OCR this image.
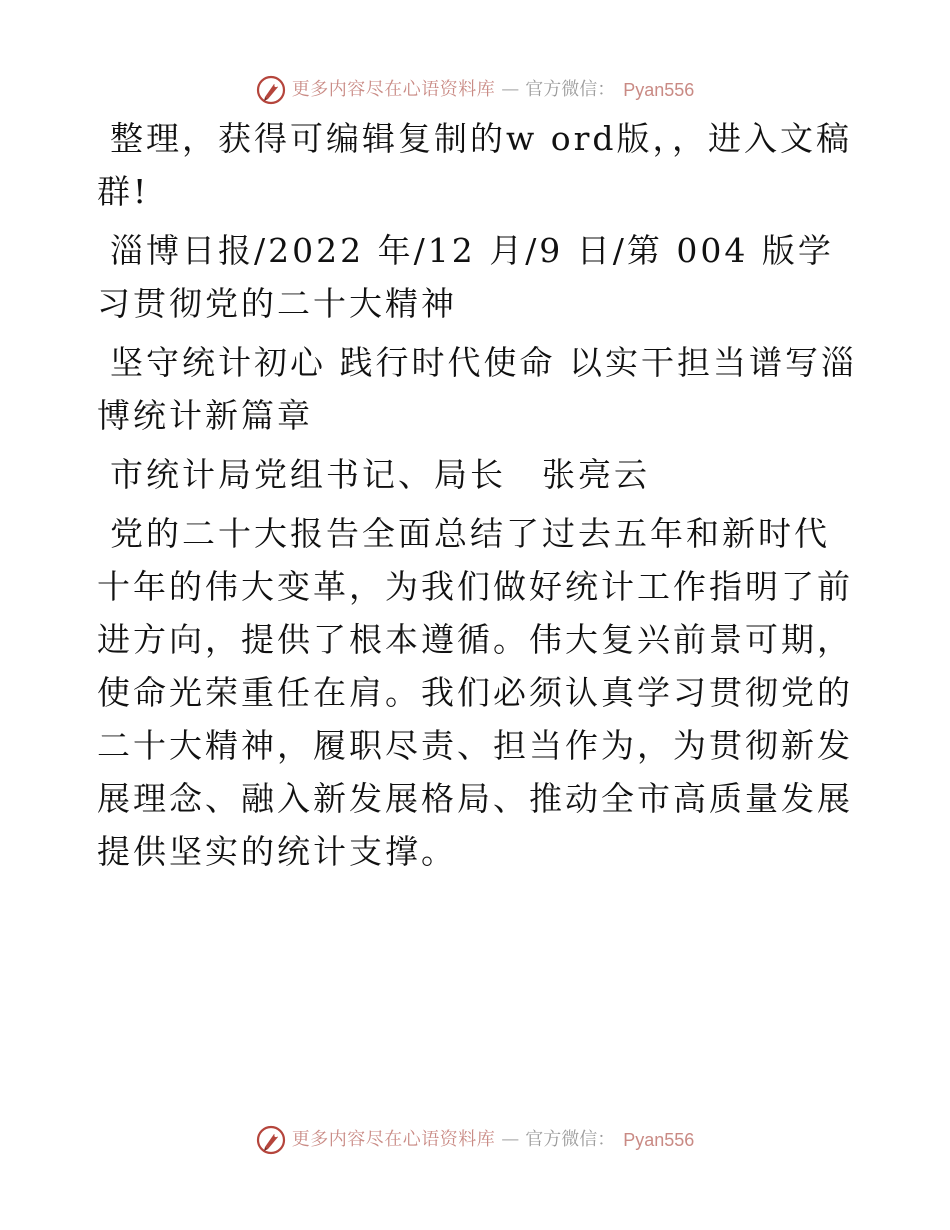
更多内容尽在心语资料库 — 官方微信： Pyan556

整理，获得可编辑复制的w ord版，，进入文稿群!

淄博日报/2022 年/12 月/9 日/第 004 版学习贯彻党的二十大精神

坚守统计初心 践行时代使命 以实干担当谱写淄博统计新篇章

市统计局党组书记、局长　张亮云

党的二十大报告全面总结了过去五年和新时代十年的伟大变革，为我们做好统计工作指明了前进方向，提供了根本遵循。伟大复兴前景可期，使命光荣重任在肩。我们必须认真学习贯彻党的二十大精神，履职尽责、担当作为，为贯彻新发展理念、融入新发展格局、推动全市高质量发展提供坚实的统计支撑。

更多内容尽在心语资料库 — 官方微信： Pyan556
